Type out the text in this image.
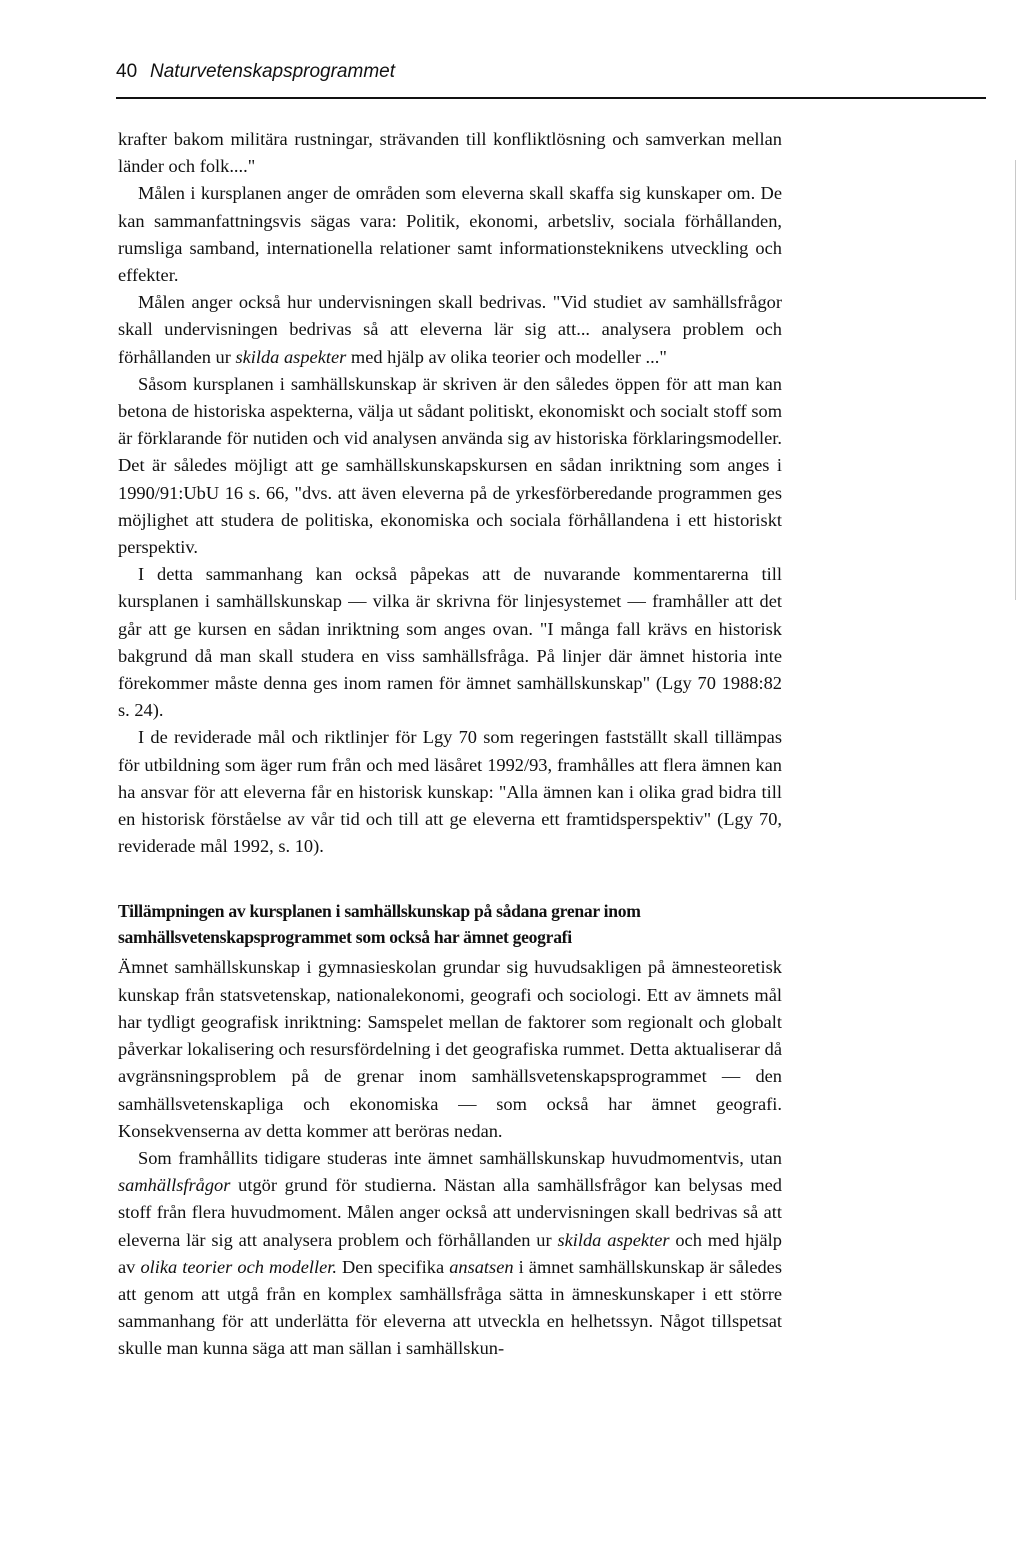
40 Naturvetenskapsprogrammet

krafter bakom militära rustningar, strävanden till konfliktlösning och samverkan mellan länder och folk...."

Målen i kursplanen anger de områden som eleverna skall skaffa sig kunskaper om. De kan sammanfattningsvis sägas vara: Politik, ekonomi, arbetsliv, sociala förhållanden, rumsliga samband, internationella relationer samt informationsteknikens utveckling och effekter.

Målen anger också hur undervisningen skall bedrivas. "Vid studiet av samhällsfrågor skall undervisningen bedrivas så att eleverna lär sig att... analysera problem och förhållanden ur skilda aspekter med hjälp av olika teorier och modeller ..."

Såsom kursplanen i samhällskunskap är skriven är den således öppen för att man kan betona de historiska aspekterna, välja ut sådant politiskt, ekonomiskt och socialt stoff som är förklarande för nutiden och vid analysen använda sig av historiska förklaringsmodeller. Det är således möjligt att ge samhällskunskapskursen en sådan inriktning som anges i 1990/91:UbU 16 s. 66, "dvs. att även eleverna på de yrkesförberedande programmen ges möjlighet att studera de politiska, ekonomiska och sociala förhållandena i ett historiskt perspektiv.

I detta sammanhang kan också påpekas att de nuvarande kommentarerna till kursplanen i samhällskunskap — vilka är skrivna för linjesystemet — framhåller att det går att ge kursen en sådan inriktning som anges ovan. "I många fall krävs en historisk bakgrund då man skall studera en viss samhällsfråga. På linjer där ämnet historia inte förekommer måste denna ges inom ramen för ämnet samhällskunskap" (Lgy 70 1988:82 s. 24).

I de reviderade mål och riktlinjer för Lgy 70 som regeringen fastställt skall tillämpas för utbildning som äger rum från och med läsåret 1992/93, framhålles att flera ämnen kan ha ansvar för att eleverna får en historisk kunskap: "Alla ämnen kan i olika grad bidra till en historisk förståelse av vår tid och till att ge eleverna ett framtidsperspektiv" (Lgy 70, reviderade mål 1992, s. 10).

Tillämpningen av kursplanen i samhällskunskap på sådana grenar inom samhällsvetenskapsprogrammet som också har ämnet geografi

Ämnet samhällskunskap i gymnasieskolan grundar sig huvudsakligen på ämnesteoretisk kunskap från statsvetenskap, nationalekonomi, geografi och sociologi. Ett av ämnets mål har tydligt geografisk inriktning: Samspelet mellan de faktorer som regionalt och globalt påverkar lokalisering och resursfördelning i det geografiska rummet. Detta aktualiserar då avgränsningsproblem på de grenar inom samhällsvetenskapsprogrammet — den samhällsvetenskapliga och ekonomiska — som också har ämnet geografi. Konsekvenserna av detta kommer att beröras nedan.

Som framhållits tidigare studeras inte ämnet samhällskunskap huvudmomentvis, utan samhällsfrågor utgör grund för studierna. Nästan alla samhällsfrågor kan belysas med stoff från flera huvudmoment. Målen anger också att undervisningen skall bedrivas så att eleverna lär sig att analysera problem och förhållanden ur skilda aspekter och med hjälp av olika teorier och modeller. Den specifika ansatsen i ämnet samhällskunskap är således att genom att utgå från en komplex samhällsfråga sätta in ämneskunskaper i ett större sammanhang för att underlätta för eleverna att utveckla en helhetssyn. Något tillspetsat skulle man kunna säga att man sällan i samhällskun-
